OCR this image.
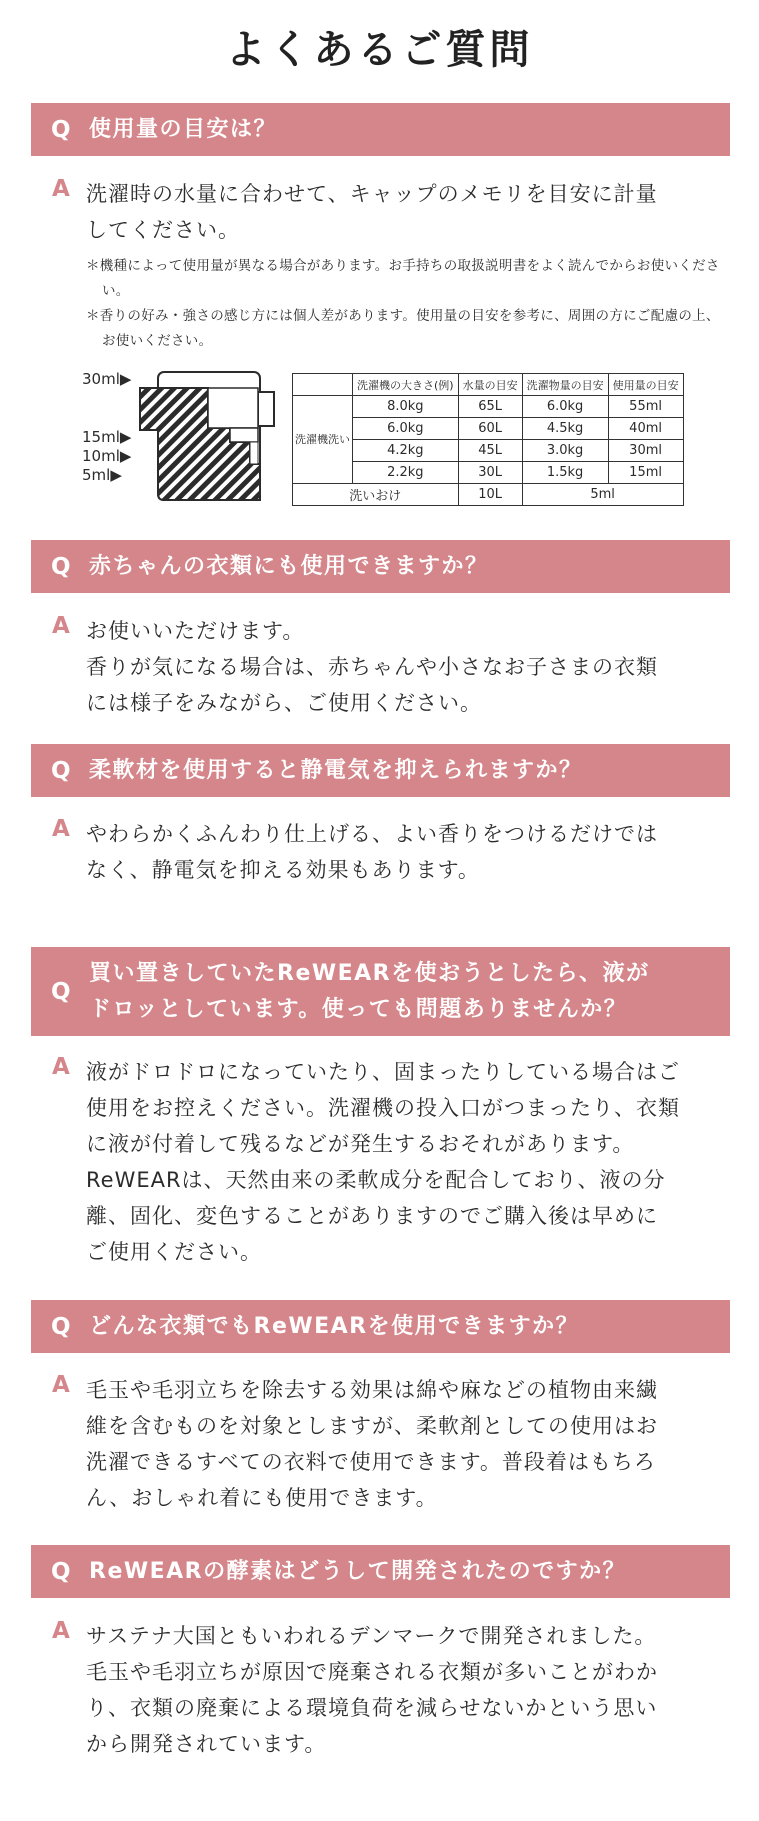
よくあるご質問
Q 使用量の目安は？
A 洗濯時の水量に合わせて、キャップのメモリを目安に計量

してください。

＊機種によって使用量が異なる場合があります。お手持ちの取扱説明書をよく読んでからお使いください。
＊香りの好み・強さの感じ方には個人差があります。使用量の目安を参考に、周囲の方にご配慮の上、お使いください。
30ml▶
15ml▶
10ml▶
5ml▶
	洗濯機の大きさ(例)	水量の目安	洗濯物量の目安	使用量の目安
洗濯機洗い	8.0kg	65L	6.0kg	55ml
	6.0kg	60L	4.5kg	40ml
	4.2kg	45L	3.0kg	30ml
	2.2kg	30L	1.5kg	15ml
洗いおけ		10L	5ml	
Q 赤ちゃんの衣類にも使用できますか？
A お使いいただけます。

香りが気になる場合は、赤ちゃんや小さなお子さまの衣類

には様子をみながら、ご使用ください。

Q 柔軟材を使用すると静電気を抑えられますか？
A やわらかくふんわり仕上げる、よい香りをつけるだけでは

なく、静電気を抑える効果もあります。

Q
買い置きしていたReWEARを使おうとしたら、液が
ドロッとしています。使っても問題ありませんか？
A 液がドロドロになっていたり、固まったりしている場合はご

使用をお控えください。洗濯機の投入口がつまったり、衣類

に液が付着して残るなどが発生するおそれがあります。

ReWEARは、天然由来の柔軟成分を配合しており、液の分

離、固化、変色することがありますのでご購入後は早めに

ご使用ください。

Q どんな衣類でもReWEARを使用できますか？
A 毛玉や毛羽立ちを除去する効果は綿や麻などの植物由来繊

維を含むものを対象としますが、柔軟剤としての使用はお

洗濯できるすべての衣料で使用できます。普段着はもちろ

ん、おしゃれ着にも使用できます。

Q ReWEARの酵素はどうして開発されたのですか？
A サステナ大国ともいわれるデンマークで開発されました。

毛玉や毛羽立ちが原因で廃棄される衣類が多いことがわか

り、衣類の廃棄による環境負荷を減らせないかという思い

から開発されています。
